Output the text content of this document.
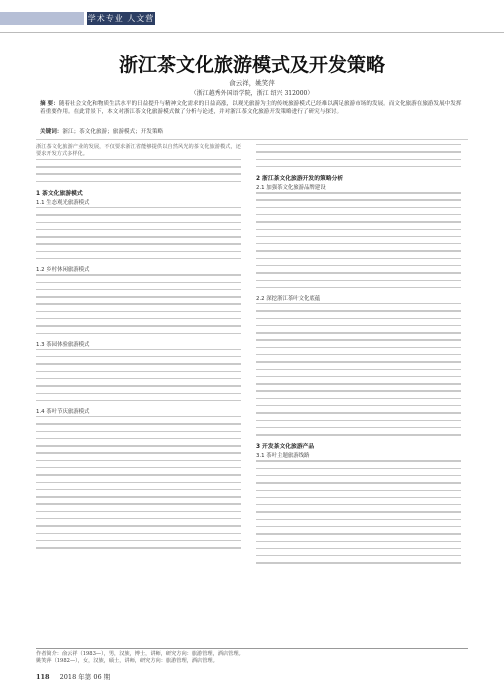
学术专业 人文营
浙江茶文化旅游模式及开发策略
俞云祥，姚笑萍
（浙江越秀外国语学院，浙江 绍兴 312000）
摘 要：随着社会文化和物质生活水平的日益提升与精神文化需求的日益高涨，以观光旅游为主的传统旅游模式已经难以满足旅游市场的发展。而文化旅游在旅游发展中发挥着重要作用。在此背景下，本文对浙江茶文化旅游模式做了分析与论述，并对浙江茶文化旅游开发策略进行了研究与探讨。
关键词：浙江；茶文化旅游；旅游模式；开发策略
浙江茶文化旅游产业的发展，不仅要求浙江省能够提供以自然风光的茶文化旅游模式，还要求开发方式多样化。
1 茶文化旅游模式
1.1 生态观光旅游模式
1.2 乡村休闲旅游模式
1.3 茶园体验旅游模式
1.4 茶叶节庆旅游模式
2 浙江茶文化旅游开发的策略分析
2.1 加强茶文化旅游品牌建设
2.2 深挖浙江茶叶文化底蕴
3 开发茶文化旅游产品
3.1 茶叶主题旅游线路
作者简介：俞云祥（1983—），男，汉族，博士，讲师，研究方向：旅游管理，酒店管理。
姚笑萍（1982—），女，汉族，硕士，讲师，研究方向：旅游管理，酒店管理。
118 2018 年第 06 期
